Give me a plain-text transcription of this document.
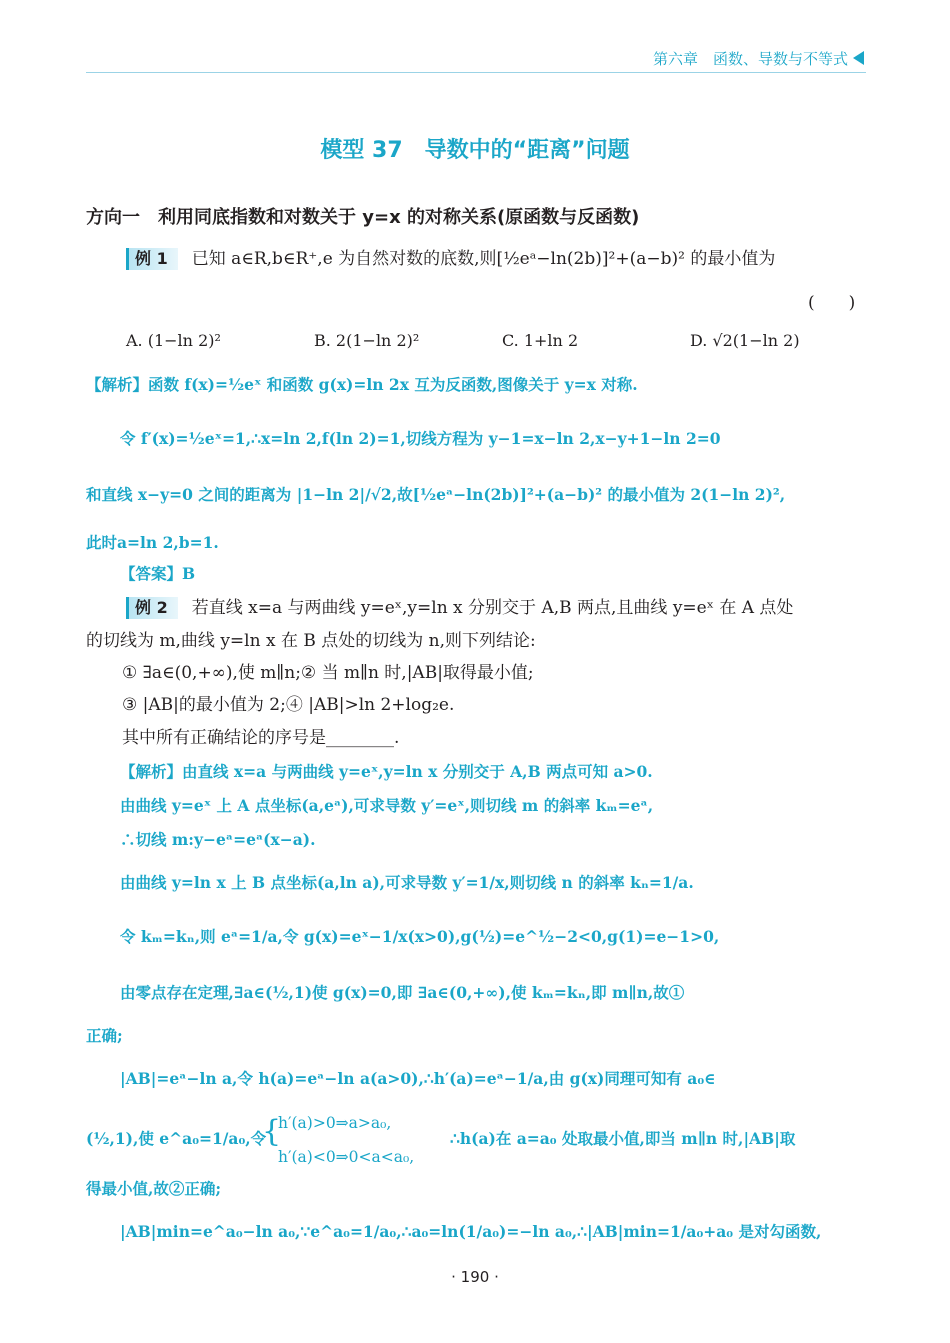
第六章　函数、导数与不等式
模型 37　导数中的“距离”问题
方向一　利用同底指数和对数关于 y=x 的对称关系(原函数与反函数)
例 1 已知 a∈R,b∈R⁺,e 为自然对数的底数,则[½eᵃ−ln(2b)]²+(a−b)² 的最小值为
(　　)
A. (1−ln 2)²	B. 2(1−ln 2)²	C. 1+ln 2	D. √2(1−ln 2)
【解析】函数 f(x)=½eˣ 和函数 g(x)=ln 2x 互为反函数,图像关于 y=x 对称.
令 f′(x)=½eˣ=1,∴x=ln 2,f(ln 2)=1,切线方程为 y−1=x−ln 2,x−y+1−ln 2=0
和直线 x−y=0 之间的距离为 |1−ln 2|/√2,故[½eᵃ−ln(2b)]²+(a−b)² 的最小值为 2(1−ln 2)²,
此时a=ln 2,b=1.
【答案】B
例 2 若直线 x=a 与两曲线 y=eˣ,y=ln x 分别交于 A,B 两点,且曲线 y=eˣ 在 A 点处
的切线为 m,曲线 y=ln x 在 B 点处的切线为 n,则下列结论:
① ∃a∈(0,+∞),使 m∥n;② 当 m∥n 时,|AB|取得最小值;
③ |AB|的最小值为 2;④ |AB|>ln 2+log₂e.
其中所有正确结论的序号是________.
【解析】由直线 x=a 与两曲线 y=eˣ,y=ln x 分别交于 A,B 两点可知 a>0.
由曲线 y=eˣ 上 A 点坐标(a,eᵃ),可求导数 y′=eˣ,则切线 m 的斜率 kₘ=eᵃ,
∴切线 m:y−eᵃ=eᵃ(x−a).
由曲线 y=ln x 上 B 点坐标(a,ln a),可求导数 y′=1/x,则切线 n 的斜率 kₙ=1/a.
令 kₘ=kₙ,则 eᵃ=1/a,令 g(x)=eˣ−1/x(x>0),g(½)=e^½−2<0,g(1)=e−1>0,
由零点存在定理,∃a∈(½,1)使 g(x)=0,即 ∃a∈(0,+∞),使 kₘ=kₙ,即 m∥n,故①
正确;
|AB|=eᵃ−ln a,令 h(a)=eᵃ−ln a(a>0),∴h′(a)=eᵃ−1/a,由 g(x)同理可知有 a₀∈
(½,1),使 e^a₀=1/a₀,令
{
h′(a)>0⇒a>a₀,
h′(a)<0⇒0<a<a₀,
∴h(a)在 a=a₀ 处取最小值,即当 m∥n 时,|AB|取
得最小值,故②正确;
|AB|min=e^a₀−ln a₀,∵e^a₀=1/a₀,∴a₀=ln(1/a₀)=−ln a₀,∴|AB|min=1/a₀+a₀ 是对勾函数,
· 190 ·
